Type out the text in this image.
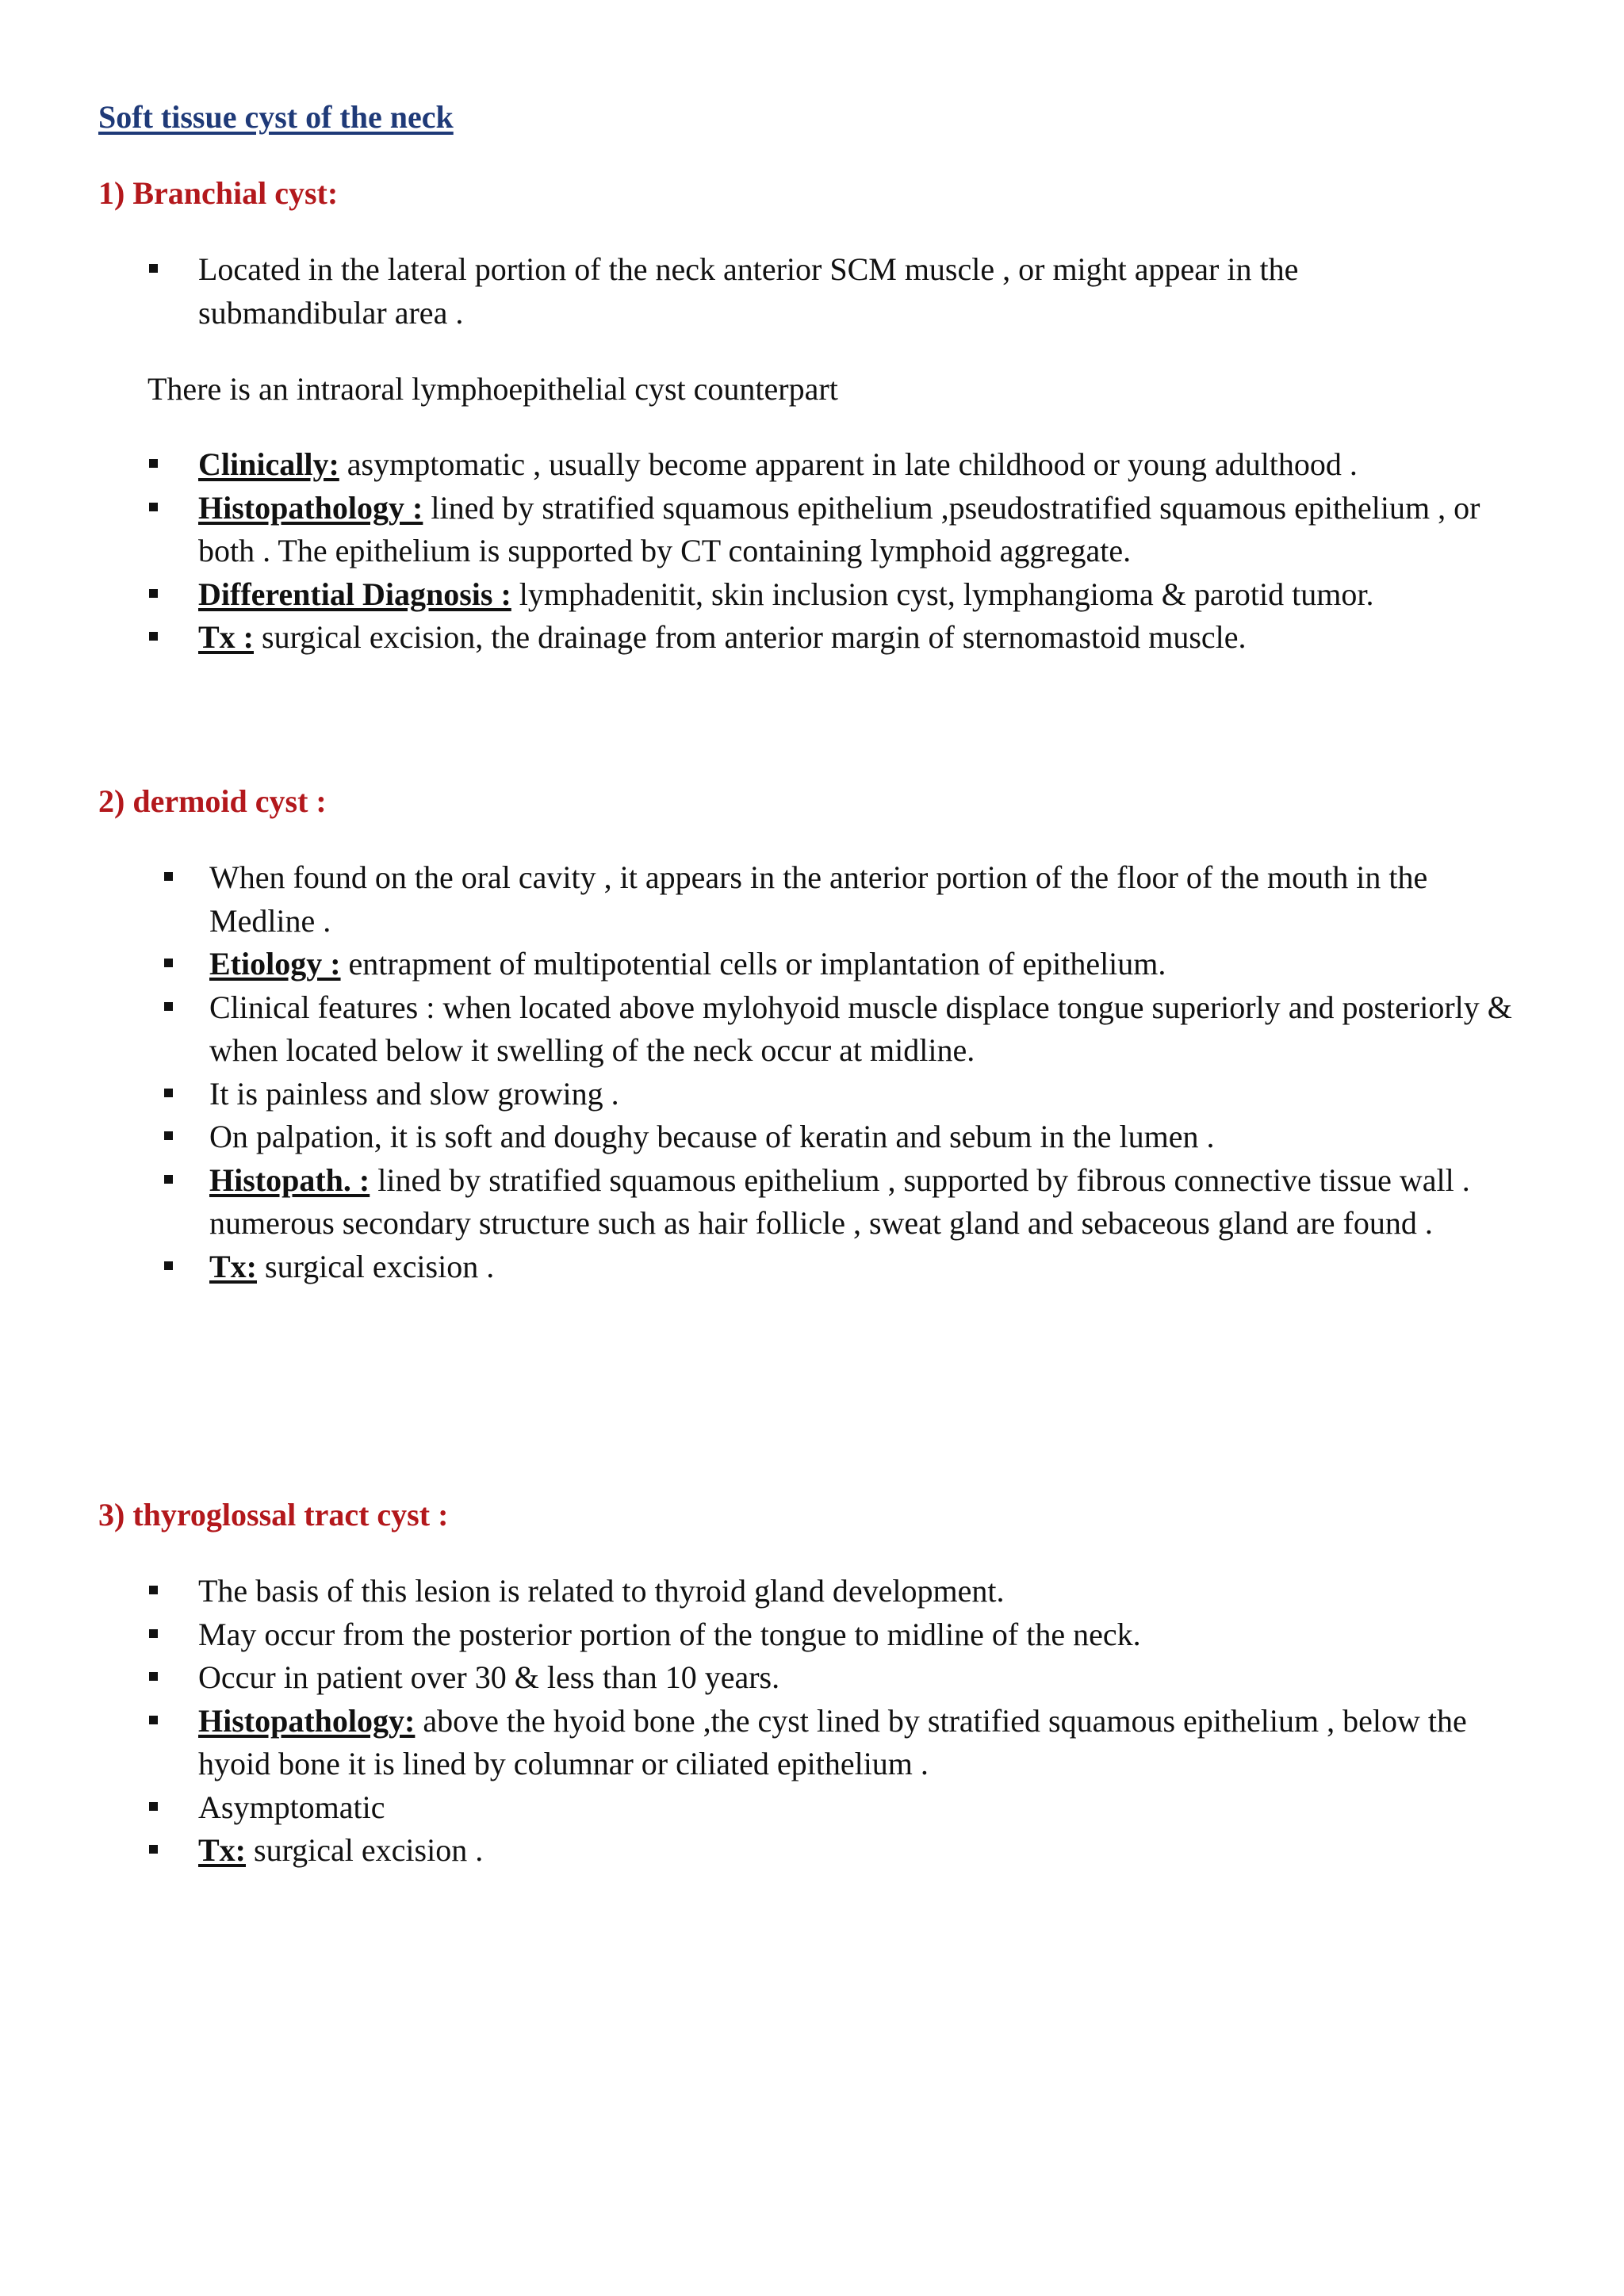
Soft tissue cyst of the neck
1) Branchial cyst:
Located in the lateral portion of the neck anterior SCM muscle , or might appear in the submandibular area .

There is an intraoral lymphoepithelial cyst counterpart

Clinically: asymptomatic , usually become apparent in late childhood or young adulthood .
Histopathology : lined by stratified squamous epithelium ,pseudostratified squamous epithelium , or both . The epithelium is supported by CT containing lymphoid aggregate.
Differential Diagnosis : lymphadenitit, skin inclusion cyst, lymphangioma & parotid tumor.
Tx : surgical excision, the drainage from anterior margin of sternomastoid muscle.
2) dermoid cyst :
When found on the oral cavity , it appears in the anterior portion of the floor of the mouth in the Medline .
Etiology : entrapment of multipotential cells or implantation of epithelium.
Clinical features : when located above mylohyoid muscle displace tongue superiorly and posteriorly & when located below it swelling of the neck occur at midline.
It is painless and slow growing .
On palpation, it is soft and doughy because of keratin and sebum in the lumen .
Histopath. : lined by stratified squamous epithelium , supported by fibrous connective tissue wall . numerous secondary structure such as hair follicle , sweat gland and sebaceous gland are found .
Tx: surgical excision .
3) thyroglossal tract cyst :
The basis of this lesion is related to thyroid gland development.
May occur from the posterior portion of the tongue to midline of the neck.
Occur in patient over 30 & less than 10 years.
Histopathology: above the hyoid bone ,the cyst lined by stratified squamous epithelium , below the hyoid bone it is lined by columnar or ciliated epithelium .
Asymptomatic
Tx: surgical excision .
